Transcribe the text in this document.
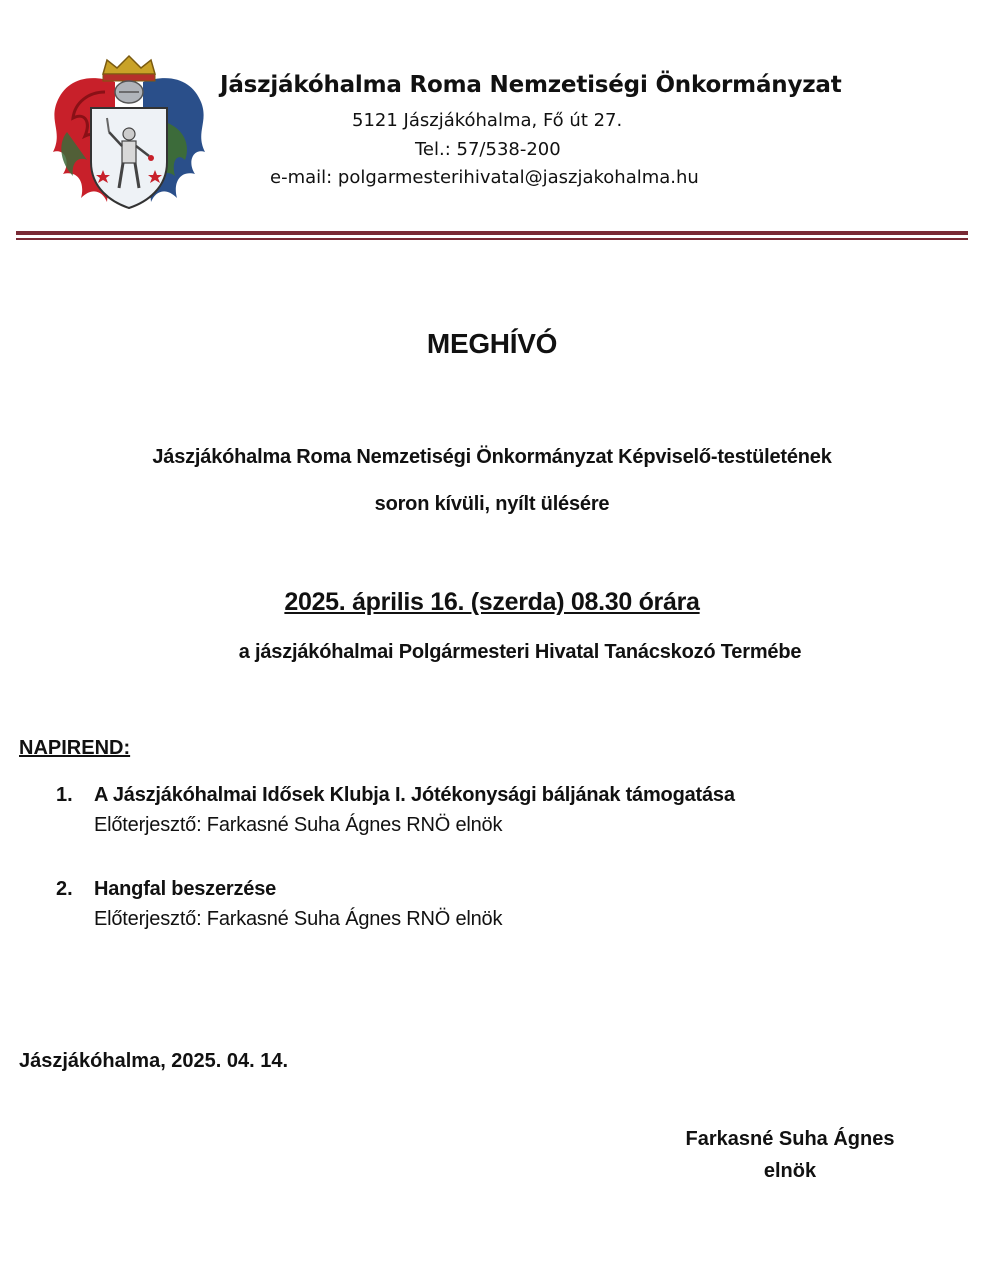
Jászjákóhalma Roma Nemzetiségi Önkormányzat
5121 Jászjákóhalma, Fő út 27.
Tel.: 57/538-200
e-mail: polgarmesterihivatal@jaszjakohalma.hu
MEGHÍVÓ
Jászjákóhalma Roma Nemzetiségi Önkormányzat Képviselő-testületének
soron kívüli, nyílt ülésére
2025. április 16. (szerda) 08.30 órára
a jászjákóhalmai Polgármesteri Hivatal Tanácskozó Termébe
NAPIREND:
1. A Jászjákóhalmai Idősek Klubja I. Jótékonysági báljának támogatása
Előterjesztő: Farkasné Suha Ágnes RNÖ elnök
2. Hangfal beszerzése
Előterjesztő: Farkasné Suha Ágnes RNÖ elnök
Jászjákóhalma, 2025. 04. 14.
Farkasné Suha Ágnes
elnök
